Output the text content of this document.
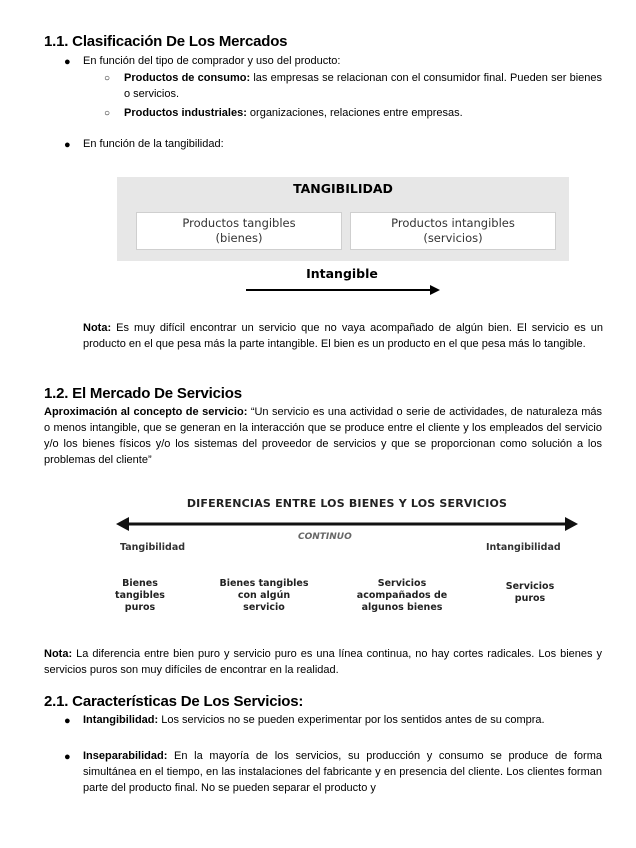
1.1. Clasificación De Los Mercados
● En función del tipo de comprador y uso del producto:
○ Productos de consumo: las empresas se relacionan con el consumidor final. Pueden ser bienes o servicios.
○ Productos industriales: organizaciones, relaciones entre empresas.
● En función de la tangibilidad:
TANGIBILIDAD
Productos tangibles
(bienes)
Productos intangibles
(servicios)
Intangible
Nota: Es muy difícil encontrar un servicio que no vaya acompañado de algún bien. El servicio es un producto en el que pesa más la parte intangible. El bien es un producto en el que pesa más lo tangible.
1.2. El Mercado De Servicios
Aproximación al concepto de servicio: “Un servicio es una actividad o serie de actividades, de naturaleza más o menos intangible, que se generan en la interacción que se produce entre el cliente y los empleados del servicio y/o los bienes físicos y/o los sistemas del proveedor de servicios y que se proporcionan como solución a los problemas del cliente”
DIFERENCIAS ENTRE LOS BIENES Y LOS SERVICIOS
CONTINUO
Tangibilidad	Intangibilidad
Bienes
tangibles
puros
Bienes tangibles
con algún
servicio
Servicios
acompañados de
algunos bienes
Servicios
puros
Nota: La diferencia entre bien puro y servicio puro es una línea continua, no hay cortes radicales. Los bienes y servicios puros son muy difíciles de encontrar en la realidad.
2.1. Características De Los Servicios:
● Intangibilidad: Los servicios no se pueden experimentar por los sentidos antes de su compra.
● Inseparabilidad: En la mayoría de los servicios, su producción y consumo se produce de forma simultánea en el tiempo, en las instalaciones del fabricante y en presencia del cliente. Los clientes forman parte del producto final. No se pueden separar el producto y
